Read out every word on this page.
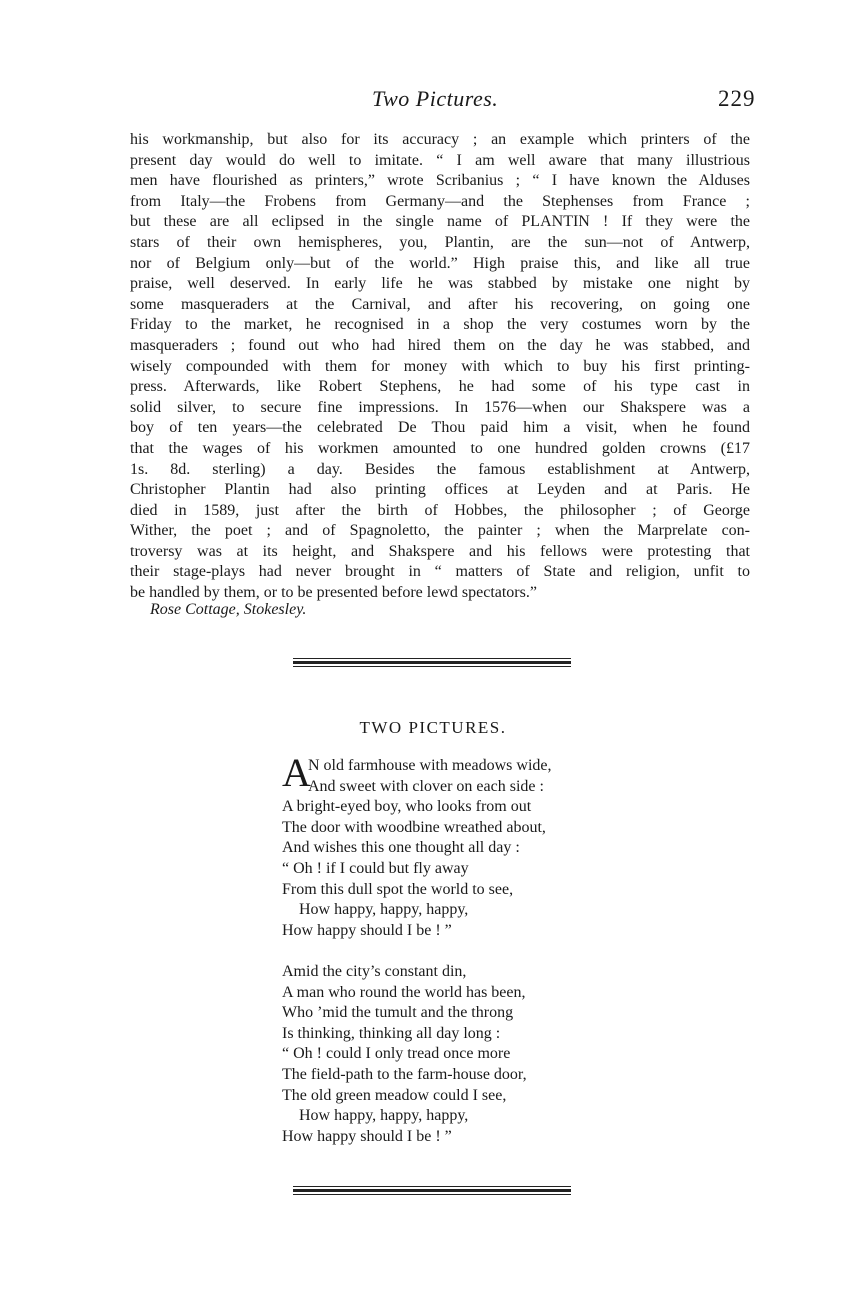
Two Pictures.	229
his workmanship, but also for its accuracy ; an example which printers of the
present day would do well to imitate. “ I am well aware that many illustrious
men have flourished as printers,” wrote Scribanius ; “ I have known the Alduses
from Italy—the Frobens from Germany—and the Stephenses from France ;
but these are all eclipsed in the single name of PLANTIN ! If they were the
stars of their own hemispheres, you, Plantin, are the sun—not of Antwerp,
nor of Belgium only—but of the world.” High praise this, and like all true
praise, well deserved. In early life he was stabbed by mistake one night by
some masqueraders at the Carnival, and after his recovering, on going one
Friday to the market, he recognised in a shop the very costumes worn by the
masqueraders ; found out who had hired them on the day he was stabbed, and
wisely compounded with them for money with which to buy his first printing-
press. Afterwards, like Robert Stephens, he had some of his type cast in
solid silver, to secure fine impressions. In 1576—when our Shakspere was a
boy of ten years—the celebrated De Thou paid him a visit, when he found
that the wages of his workmen amounted to one hundred golden crowns (£17
1s. 8d. sterling) a day. Besides the famous establishment at Antwerp,
Christopher Plantin had also printing offices at Leyden and at Paris. He
died in 1589, just after the birth of Hobbes, the philosopher ; of George
Wither, the poet ; and of Spagnoletto, the painter ; when the Marprelate con-
troversy was at its height, and Shakspere and his fellows were protesting that
their stage-plays had never brought in “ matters of State and religion, unfit to
be handled by them, or to be presented before lewd spectators.”
Rose Cottage, Stokesley.
TWO PICTURES.
A
N old farmhouse with meadows wide,
And sweet with clover on each side :
A bright-eyed boy, who looks from out
The door with woodbine wreathed about,
And wishes this one thought all day :
“ Oh ! if I could but fly away
From this dull spot the world to see,
How happy, happy, happy,
How happy should I be ! ”
Amid the city’s constant din,
A man who round the world has been,
Who ’mid the tumult and the throng
Is thinking, thinking all day long :
“ Oh ! could I only tread once more
The field-path to the farm-house door,
The old green meadow could I see,
How happy, happy, happy,
How happy should I be ! ”
